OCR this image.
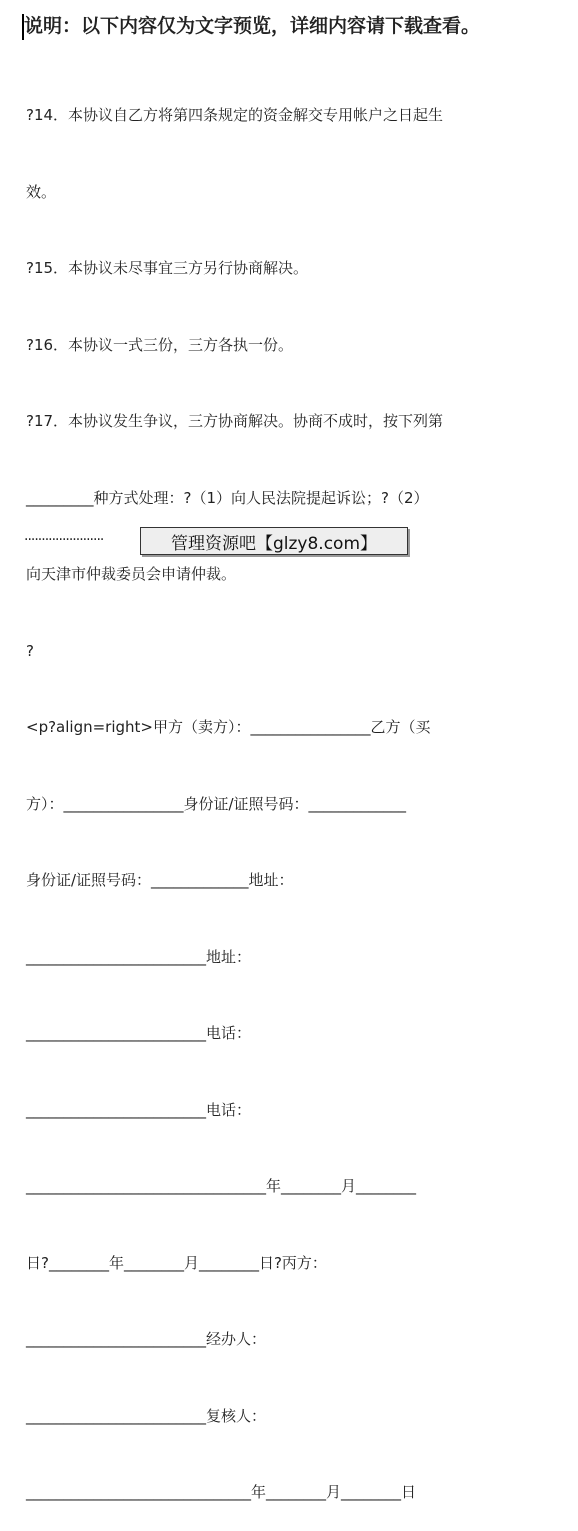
说明：以下内容仅为文字预览，详细内容请下载查看。

?14．本协议自乙方将第四条规定的资金解交专用帐户之日起生

效。

?15．本协议未尽事宜三方另行协商解决。

?16．本协议一式三份，三方各执一份。

?17．本协议发生争议，三方协商解决。协商不成时，按下列第

_________种方式处理：?（1）向人民法院提起诉讼；?（2）

向天津市仲裁委员会申请仲裁。

?

<p?align=right>甲方（卖方）：________________乙方（买

方）：________________身份证/证照号码：_____________

身份证/证照号码：_____________地址：

________________________地址：

________________________电话：

________________________电话：

________________________________年________月________

日?________年________月________日?丙方：

________________________经办人：

________________________复核人：

______________________________年________月________日

·······················	管理资源吧【glzy8.com】
